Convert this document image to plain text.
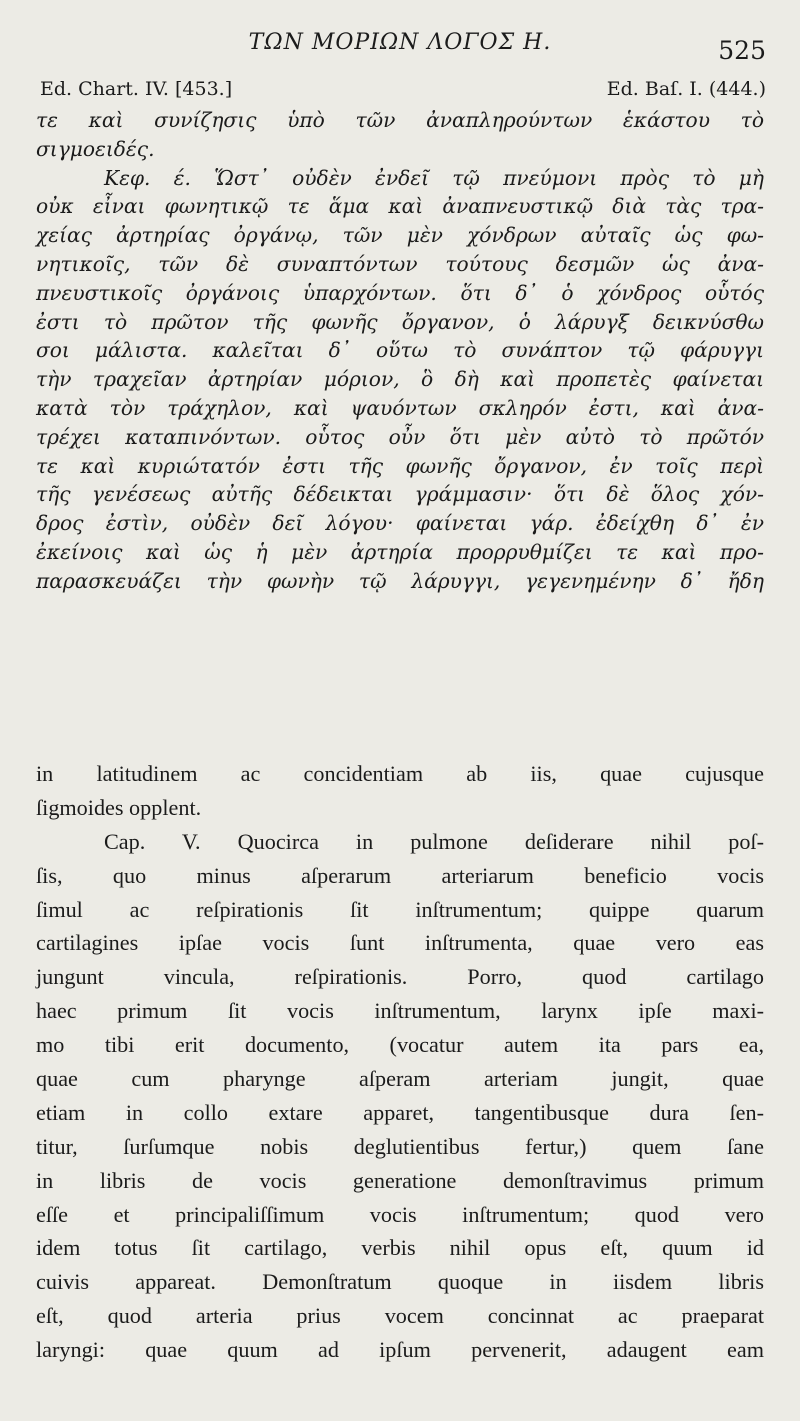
ΤΩΝ ΜΟΡΙΩΝ ΛΟΓΟΣ Η.	525
Ed. Chart. IV. [453.]	Ed. Baſ. I. (444.)
τε καὶ συνίζησις ὑπὸ τῶν ἀναπληρούντων ἑκάστου τὸ
σιγμοειδές.
Κεφ. έ. Ὥστ᾽ οὐδὲν ἐνδεῖ τῷ πνεύμονι πρὸς τὸ μὴ
οὐκ εἶναι φωνητικῷ τε ἅμα καὶ ἀναπνευστικῷ διὰ τὰς τρα-
χείας ἀρτηρίας ὀργάνῳ, τῶν μὲν χόνδρων αὐταῖς ὡς φω-
νητικοῖς, τῶν δὲ συναπτόντων τούτους δεσμῶν ὡς ἀνα-
πνευστικοῖς ὀργάνοις ὑπαρχόντων. ὅτι δ᾽ ὁ χόνδρος οὗτός
ἐστι τὸ πρῶτον τῆς φωνῆς ὄργανον, ὁ λάρυγξ δεικνύσθω
σοι μάλιστα. καλεῖται δ᾽ οὕτω τὸ συνάπτον τῷ φάρυγγι
τὴν τραχεῖαν ἀρτηρίαν μόριον, ὃ δὴ καὶ προπετὲς φαίνεται
κατὰ τὸν τράχηλον, καὶ ψαυόντων σκληρόν ἐστι, καὶ ἀνα-
τρέχει καταπινόντων. οὗτος οὖν ὅτι μὲν αὐτὸ τὸ πρῶτόν
τε καὶ κυριώτατόν ἐστι τῆς φωνῆς ὄργανον, ἐν τοῖς περὶ
τῆς γενέσεως αὐτῆς δέδεικται γράμμασιν· ὅτι δὲ ὅλος χόν-
δρος ἐστὶν, οὐδὲν δεῖ λόγου· φαίνεται γάρ. ἐδείχθη δ᾽ ἐν
ἐκείνοις καὶ ὡς ἡ μὲν ἀρτηρία προρρυθμίζει τε καὶ προ-
παρασκευάζει τὴν φωνὴν τῷ λάρυγγι, γεγενημένην δ᾽ ἤδη
in latitudinem ac concidentiam ab iis, quae cujusque
ſigmoides opplent.
Cap. V. Quocirca in pulmone deſiderare nihil poſ-
ſis, quo minus aſperarum arteriarum beneficio vocis
ſimul ac reſpirationis ſit inſtrumentum; quippe quarum
cartilagines ipſae vocis ſunt inſtrumenta, quae vero eas
jungunt vincula, reſpirationis. Porro, quod cartilago
haec primum ſit vocis inſtrumentum, larynx ipſe maxi-
mo tibi erit documento, (vocatur autem ita pars ea,
quae cum pharynge aſperam arteriam jungit, quae
etiam in collo extare apparet, tangentibusque dura ſen-
titur, ſurſumque nobis deglutientibus fertur,) quem ſane
in libris de vocis generatione demonſtravimus primum
eſſe et principaliſſimum vocis inſtrumentum; quod vero
idem totus ſit cartilago, verbis nihil opus eſt, quum id
cuivis appareat. Demonſtratum quoque in iisdem libris
eſt, quod arteria prius vocem concinnat ac praeparat
laryngi: quae quum ad ipſum pervenerit, adaugent eam
